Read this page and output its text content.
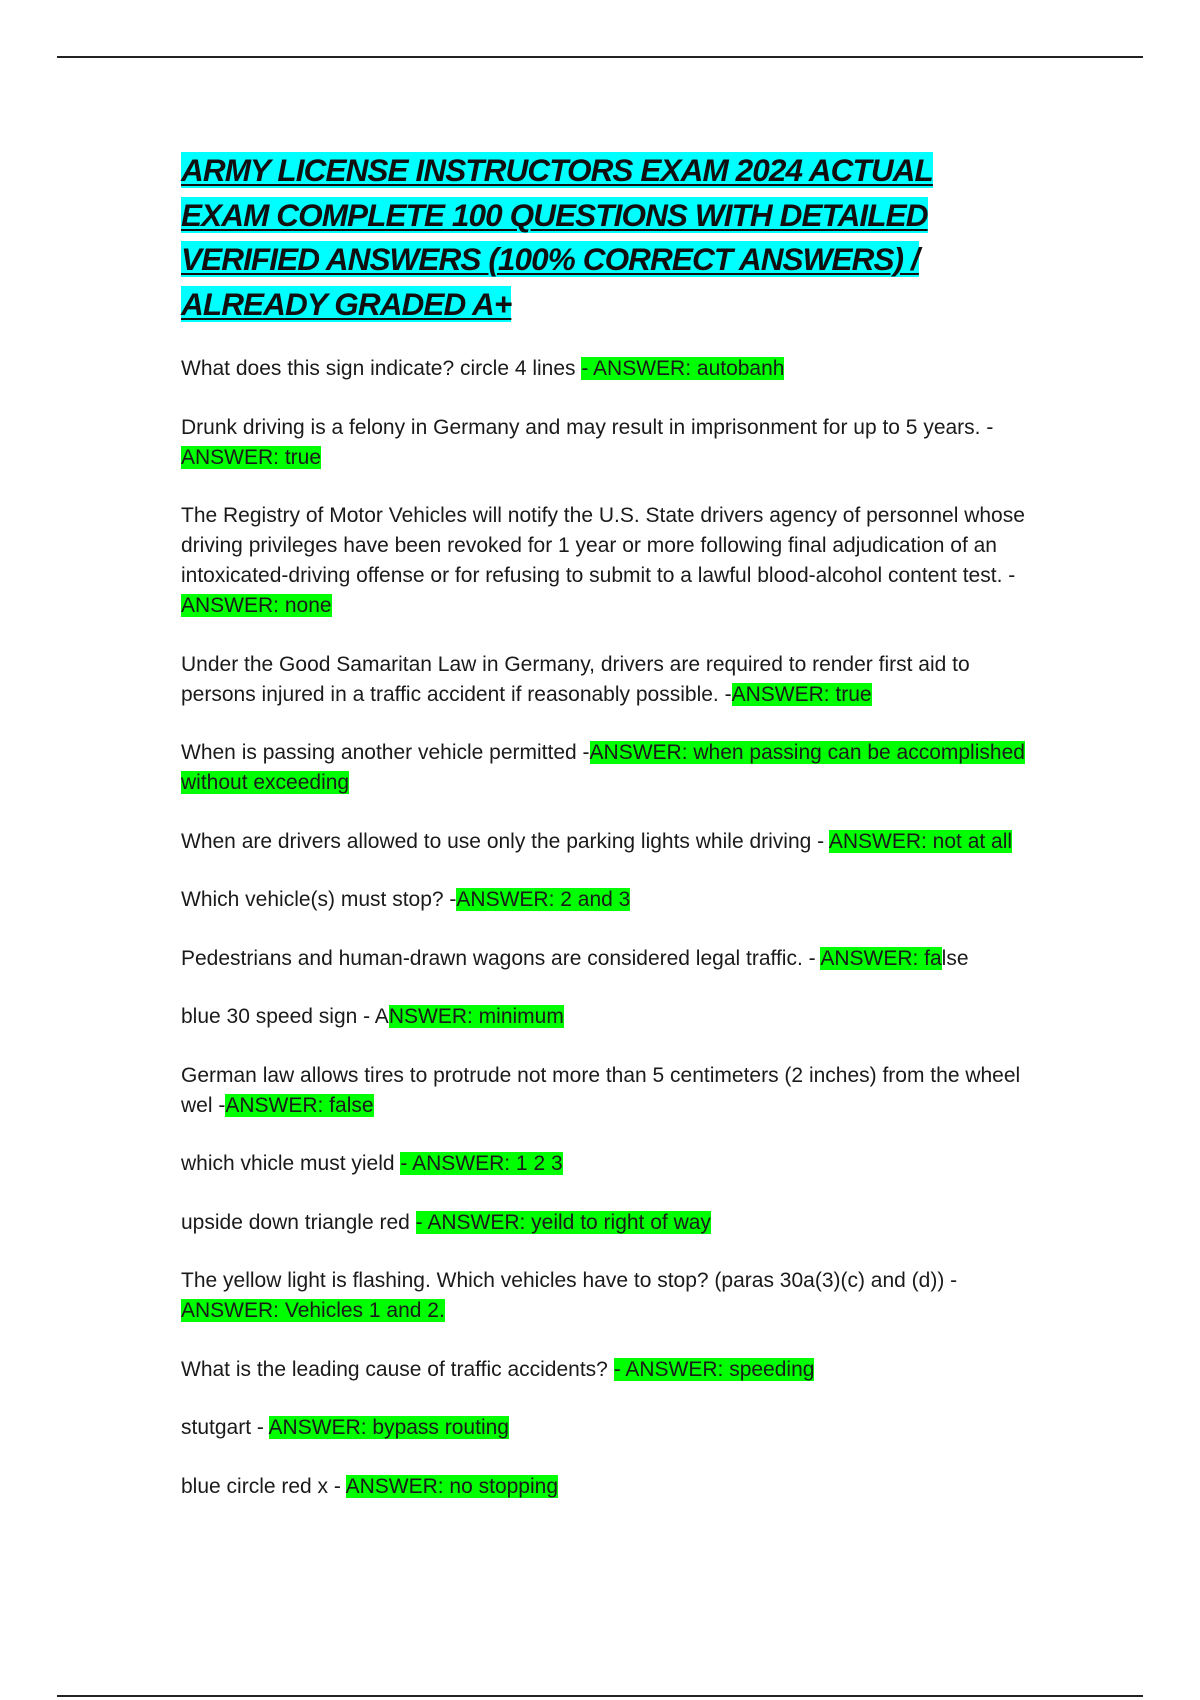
ARMY LICENSE INSTRUCTORS EXAM 2024 ACTUAL
EXAM COMPLETE 100 QUESTIONS WITH DETAILED
VERIFIED ANSWERS (100% CORRECT ANSWERS) /
ALREADY GRADED A+

What does this sign indicate? circle 4 lines - ANSWER: autobanh

Drunk driving is a felony in Germany and may result in imprisonment for up to 5 years. -ANSWER: true

The Registry of Motor Vehicles will notify the U.S. State drivers agency of personnel whose driving privileges have been revoked for 1 year or more following final adjudication of an intoxicated-driving offense or for refusing to submit to a lawful blood-alcohol content test. -ANSWER: none

Under the Good Samaritan Law in Germany, drivers are required to render first aid to persons injured in a traffic accident if reasonably possible. -ANSWER: true

When is passing another vehicle permitted -ANSWER: when passing can be accomplished without exceeding

When are drivers allowed to use only the parking lights while driving - ANSWER: not at all

Which vehicle(s) must stop? -ANSWER: 2 and 3

Pedestrians and human-drawn wagons are considered legal traffic. - ANSWER: false

blue 30 speed sign - ANSWER: minimum

German law allows tires to protrude not more than 5 centimeters (2 inches) from the wheel wel -ANSWER: false

which vhicle must yield - ANSWER: 1 2 3

upside down triangle red - ANSWER: yeild to right of way

The yellow light is flashing. Which vehicles have to stop? (paras 30a(3)(c) and (d)) - ANSWER: Vehicles 1 and 2.

What is the leading cause of traffic accidents? - ANSWER: speeding

stutgart - ANSWER: bypass routing

blue circle red x - ANSWER: no stopping
